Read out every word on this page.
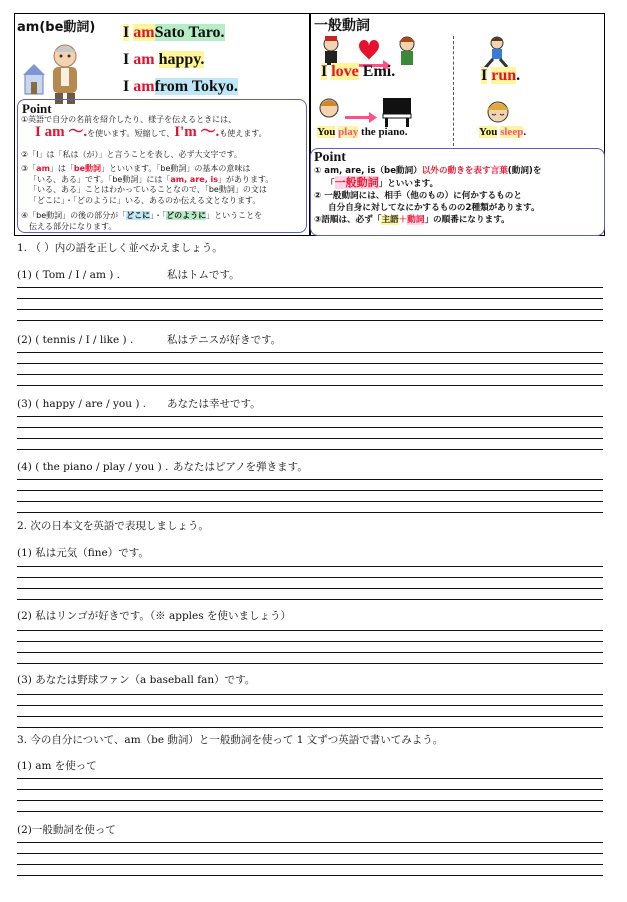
am(be動詞) I amSato Taro.
I am happy.
I amfrom Tokyo.
Point
①英語で自分の名前を紹介したり、様子を伝えるときには、
I am ～.を使います。短縮して、I'm ～.も使えます。
②「I」は「私は（が）」と言うことを表し、必ず大文字です。
③「am」は「be動詞」といいます。「be動詞」の基本の意味は
「いる、ある」です。「be動詞」には「am, are, is」があります。
「いる、ある」ことはわかっていることなので、「be動詞」の文は
「どこに」・「どのように」いる、あるのか伝える文となります。
④「be動詞」の後の部分が「どこに」・「どのように」ということを
伝える部分になります。
一般動詞
I love Emi.	I run.
You play the piano.	You sleep.
Point
① am, are, is（be動詞）以外の動きを表す言葉(動詞)を
「一般動詞」といいます。
② 一般動詞には、相手（他のもの）に何かするものと
自分自身に対してなにかするものの2種類があります。
③語順は、必ず「主語＋動詞」の順番になります。
1. （ ）内の語を正しく並べかえましょう。
(1) ( Tom / I / am ) .	私はトムです。
(2) ( tennis / I / like ) .	私はテニスが好きです。
(3) ( happy / are / you ) . あなたは幸せです。
(4) ( the piano / play / you ) . あなたはピアノを弾きます。
2. 次の日本文を英語で表現しましょう。
(1) 私は元気（fine）です。
(2) 私はリンゴが好きです。（※ apples を使いましょう）
(3) あなたは野球ファン（a baseball fan）です。
3. 今の自分について、am（be 動詞）と一般動詞を使って 1 文ずつ英語で書いてみよう。
(1) am を使って
(2)一般動詞を使って
